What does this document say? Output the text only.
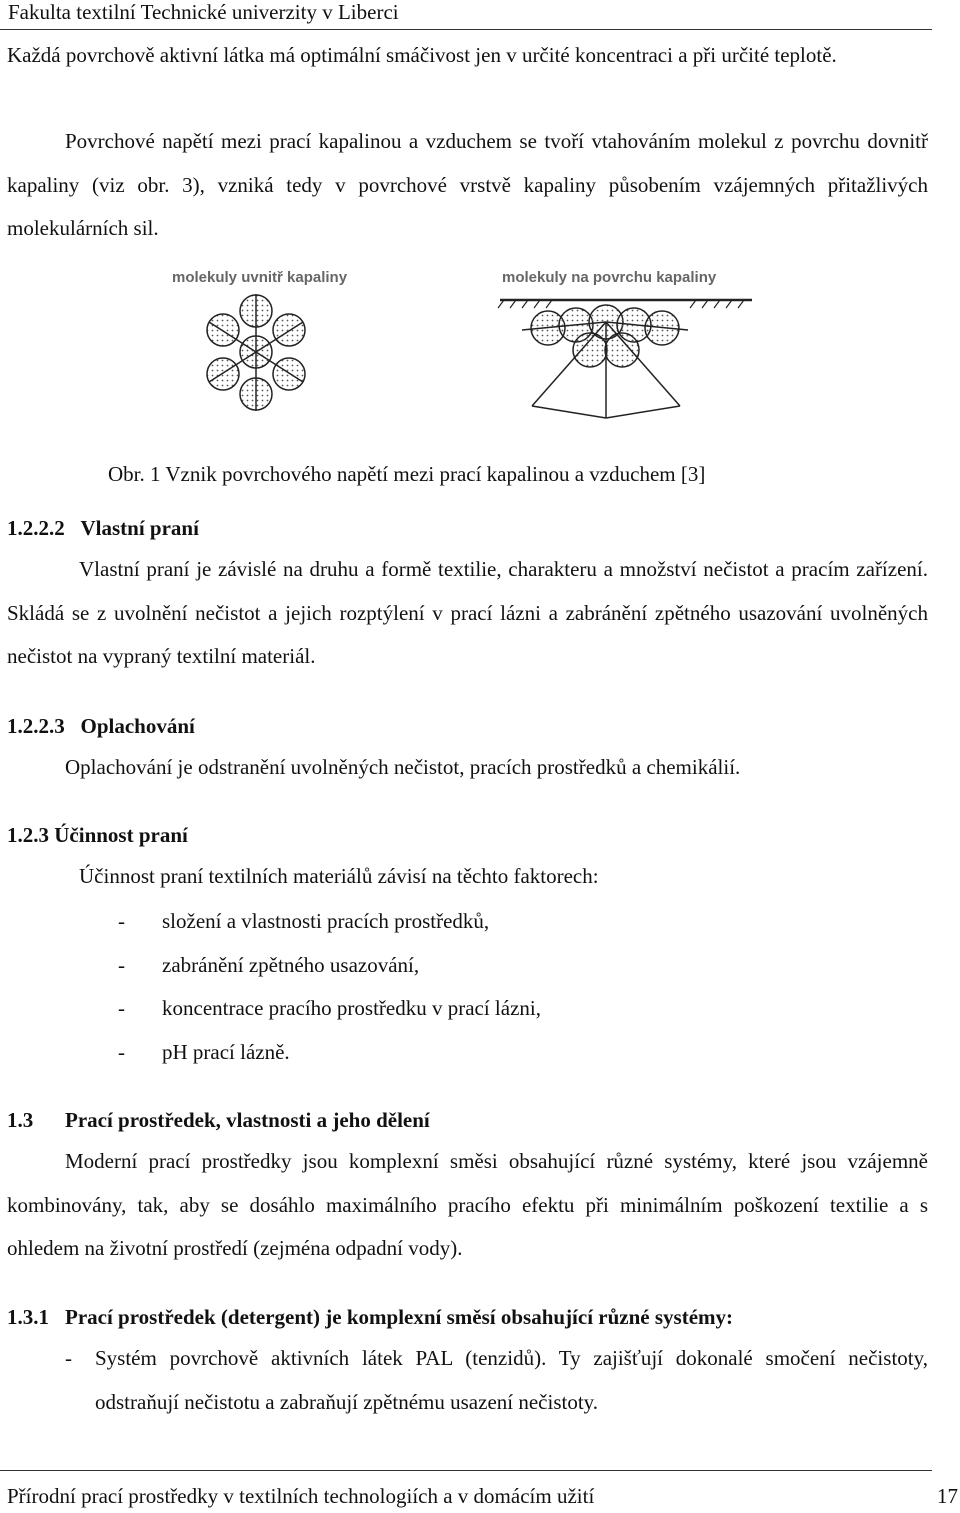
Fakulta textilní Technické univerzity v Liberci
Každá povrchově aktivní látka má optimální smáčivost jen v určité koncentraci a při určité teplotě.
Povrchové napětí mezi prací kapalinou a vzduchem se tvoří vtahováním molekul z povrchu dovnitř kapaliny (viz obr. 3), vzniká tedy v povrchové vrstvě kapaliny působením vzájemných přitažlivých molekulárních sil.
molekuly uvnitř kapaliny	molekuly na povrchu kapaliny
Obr. 1 Vznik povrchového napětí mezi prací kapalinou a vzduchem [3]
1.2.2.2 Vlastní praní
Vlastní praní je závislé na druhu a formě textilie, charakteru a množství nečistot a pracím zařízení. Skládá se z uvolnění nečistot a jejich rozptýlení v prací lázni a zabránění zpětného usazování uvolněných nečistot na vypraný textilní materiál.
1.2.2.3 Oplachování
Oplachování je odstranění uvolněných nečistot, pracích prostředků a chemikálií.
1.2.3 Účinnost praní
Účinnost praní textilních materiálů závisí na těchto faktorech:
- složení a vlastnosti pracích prostředků,
- zabránění zpětného usazování,
- koncentrace pracího prostředku v prací lázni,
- pH prací lázně.
1.3 Prací prostředek, vlastnosti a jeho dělení
Moderní prací prostředky jsou komplexní směsi obsahující různé systémy, které jsou vzájemně kombinovány, tak, aby se dosáhlo maximálního pracího efektu při minimálním poškození textilie a s ohledem na životní prostředí (zejména odpadní vody).
1.3.1 Prací prostředek (detergent) je komplexní směsí obsahující různé systémy:
-	Systém povrchově aktivních látek PAL (tenzidů). Ty zajišťují dokonalé smočení nečistoty, odstraňují nečistotu a zabraňují zpětnému usazení nečistoty.
Přírodní prací prostředky v textilních technologiích a v domácím užití	17
